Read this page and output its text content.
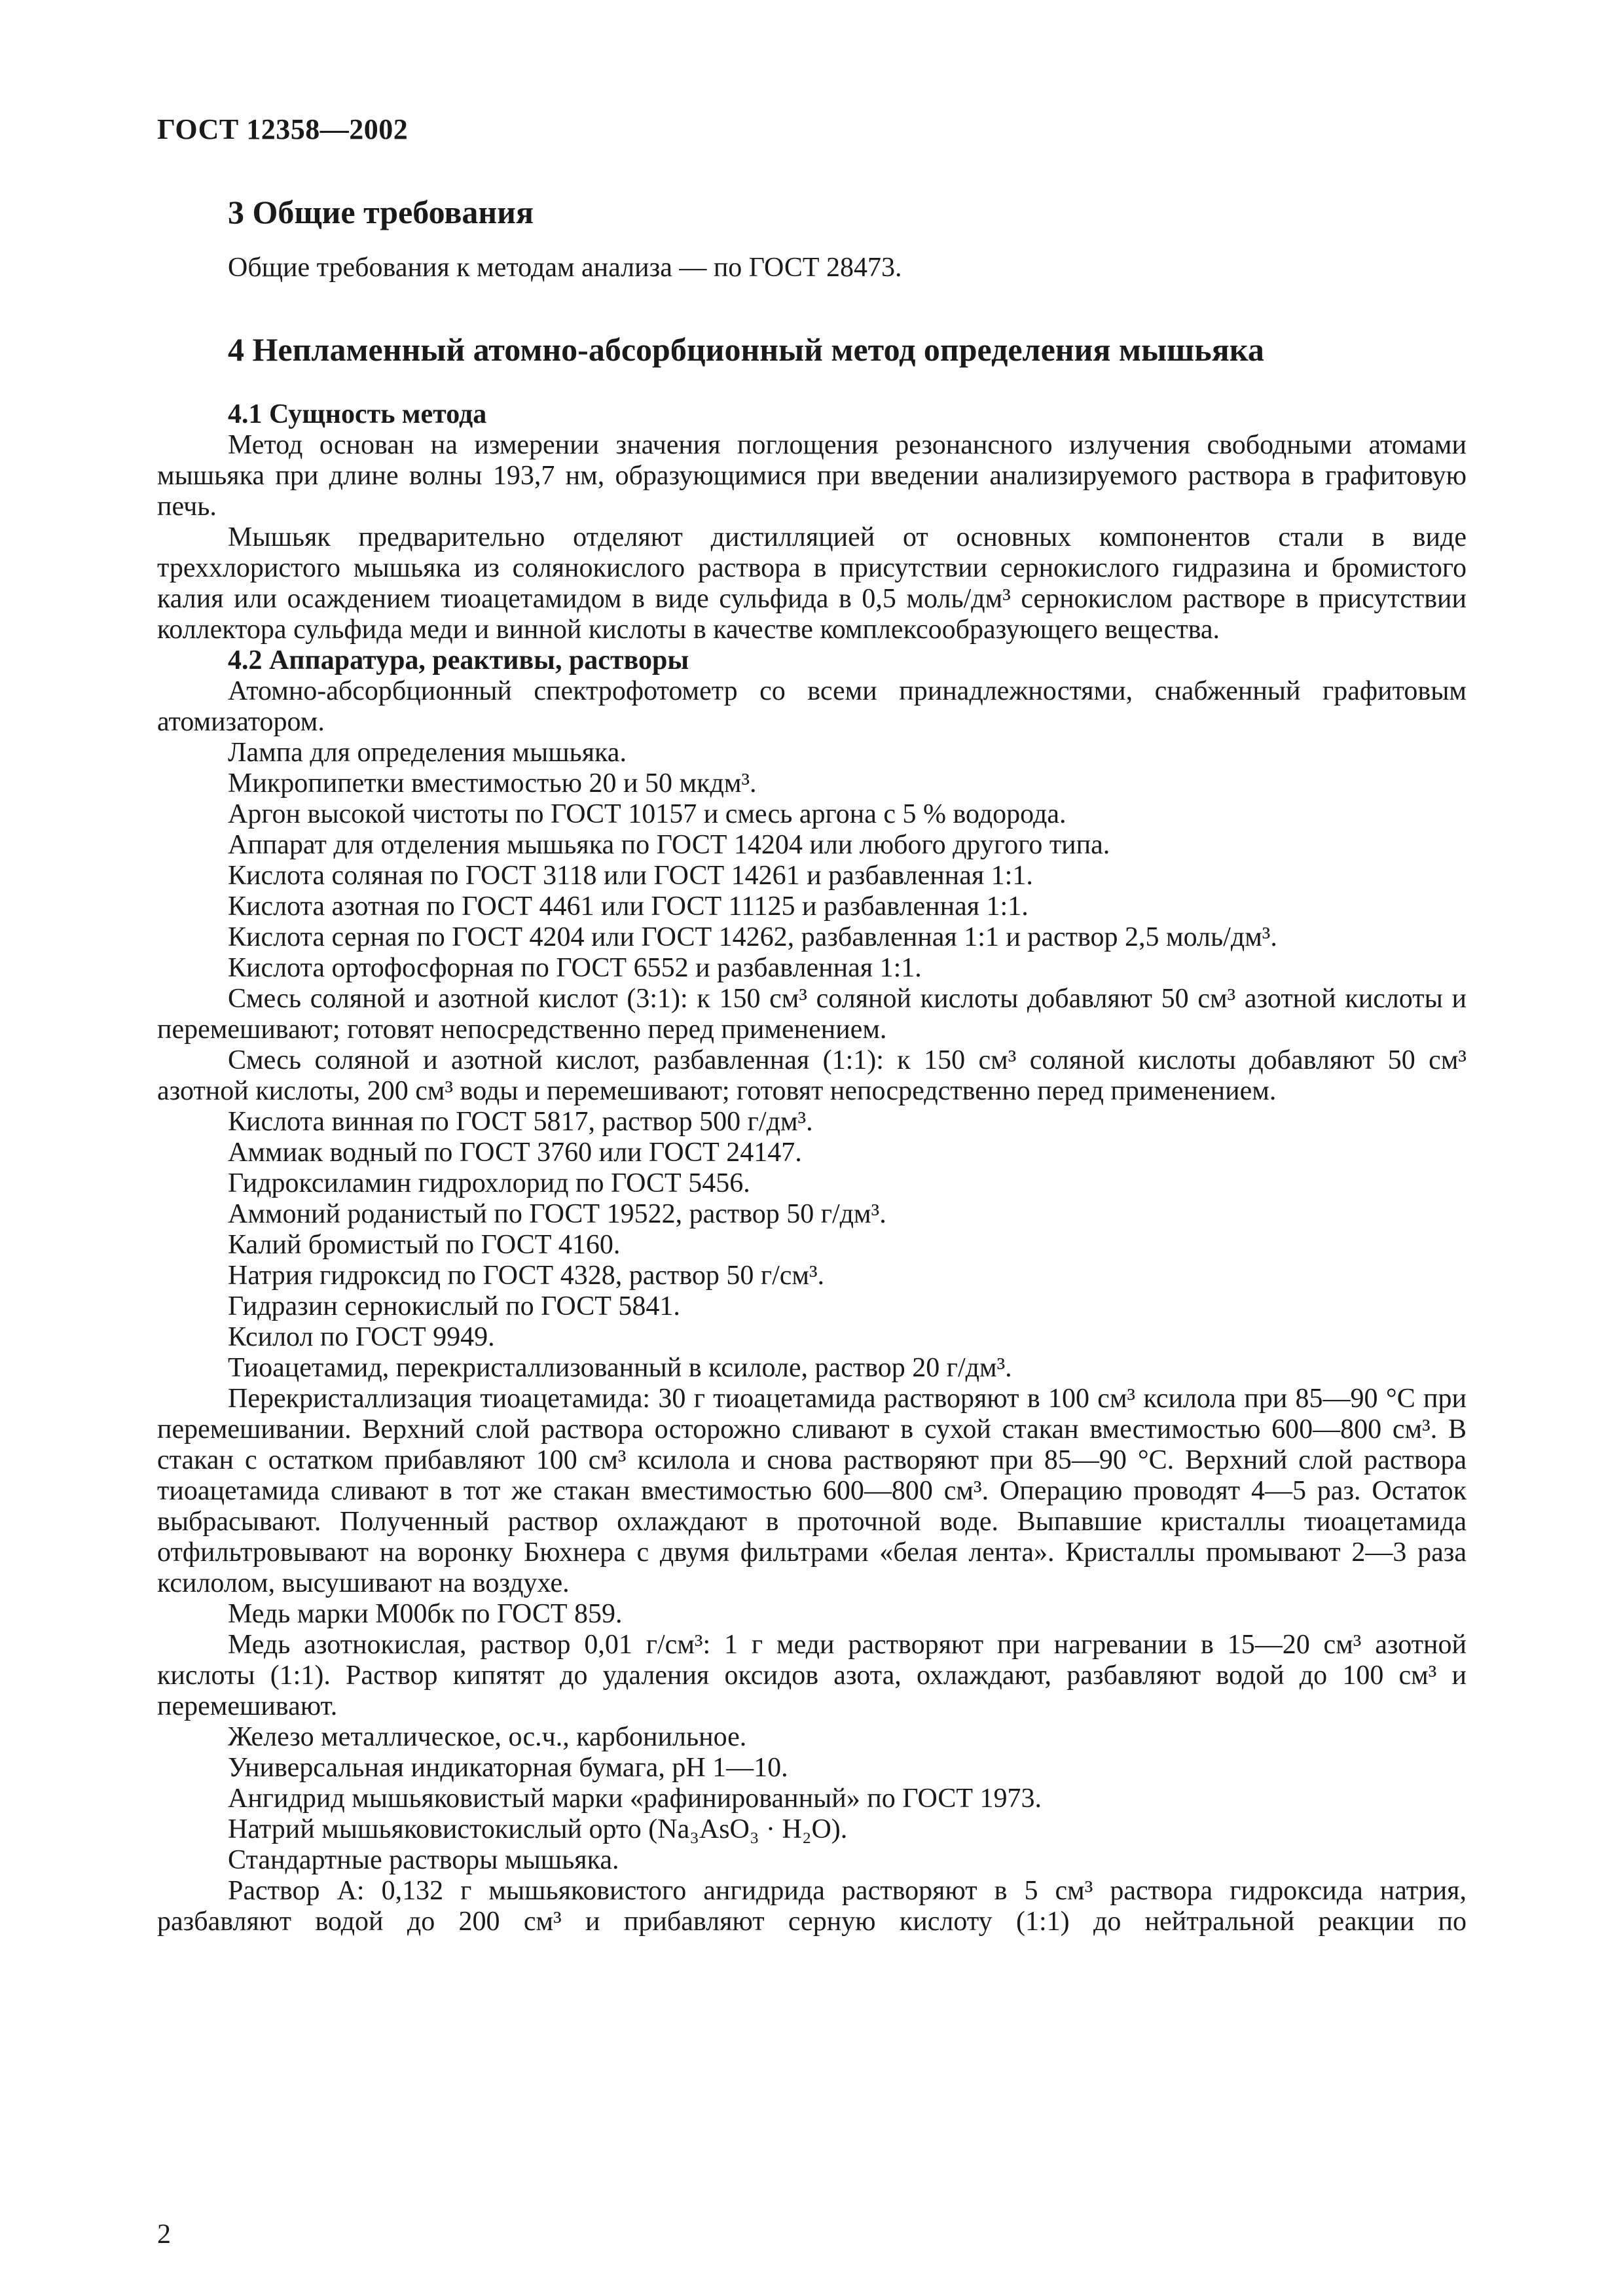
ГОСТ 12358—2002
3 Общие требования
Общие требования к методам анализа — по ГОСТ 28473.
4 Непламенный атомно-абсорбционный метод определения мышьяка

4.1 Сущность метода

Метод основан на измерении значения поглощения резонансного излучения свободными атомами мышьяка при длине волны 193,7 нм, образующимися при введении анализируемого раствора в графитовую печь.

Мышьяк предварительно отделяют дистилляцией от основных компонентов стали в виде треххлористого мышьяка из солянокислого раствора в присутствии сернокислого гидразина и бромистого калия или осаждением тиоацетамидом в виде сульфида в 0,5 моль/дм³ сернокислом растворе в присутствии коллектора сульфида меди и винной кислоты в качестве комплексообразующего вещества.

4.2 Аппаратура, реактивы, растворы

Атомно-абсорбционный спектрофотометр со всеми принадлежностями, снабженный графитовым атомизатором.

Лампа для определения мышьяка.

Микропипетки вместимостью 20 и 50 мкдм³.

Аргон высокой чистоты по ГОСТ 10157 и смесь аргона с 5 % водорода.

Аппарат для отделения мышьяка по ГОСТ 14204 или любого другого типа.

Кислота соляная по ГОСТ 3118 или ГОСТ 14261 и разбавленная 1:1.

Кислота азотная по ГОСТ 4461 или ГОСТ 11125 и разбавленная 1:1.

Кислота серная по ГОСТ 4204 или ГОСТ 14262, разбавленная 1:1 и раствор 2,5 моль/дм³.

Кислота ортофосфорная по ГОСТ 6552 и разбавленная 1:1.

Смесь соляной и азотной кислот (3:1): к 150 см³ соляной кислоты добавляют 50 см³ азотной кислоты и перемешивают; готовят непосредственно перед применением.

Смесь соляной и азотной кислот, разбавленная (1:1): к 150 см³ соляной кислоты добавляют 50 см³ азотной кислоты, 200 см³ воды и перемешивают; готовят непосредственно перед применением.

Кислота винная по ГОСТ 5817, раствор 500 г/дм³.

Аммиак водный по ГОСТ 3760 или ГОСТ 24147.

Гидроксиламин гидрохлорид по ГОСТ 5456.

Аммоний роданистый по ГОСТ 19522, раствор 50 г/дм³.

Калий бромистый по ГОСТ 4160.

Натрия гидроксид по ГОСТ 4328, раствор 50 г/см³.

Гидразин сернокислый по ГОСТ 5841.

Ксилол по ГОСТ 9949.

Тиоацетамид, перекристаллизованный в ксилоле, раствор 20 г/дм³.

Перекристаллизация тиоацетамида: 30 г тиоацетамида растворяют в 100 см³ ксилола при 85—90 °С при перемешивании. Верхний слой раствора осторожно сливают в сухой стакан вместимостью 600—800 см³. В стакан с остатком прибавляют 100 см³ ксилола и снова растворяют при 85—90 °С. Верхний слой раствора тиоацетамида сливают в тот же стакан вместимостью 600—800 см³. Операцию проводят 4—5 раз. Остаток выбрасывают. Полученный раствор охлаждают в проточной воде. Выпавшие кристаллы тиоацетамида отфильтровывают на воронку Бюхнера с двумя фильтрами «белая лента». Кристаллы промывают 2—3 раза ксилолом, высушивают на воздухе.

Медь марки М00бк по ГОСТ 859.

Медь азотнокислая, раствор 0,01 г/см³: 1 г меди растворяют при нагревании в 15—20 см³ азотной кислоты (1:1). Раствор кипятят до удаления оксидов азота, охлаждают, разбавляют водой до 100 см³ и перемешивают.

Железо металлическое, ос.ч., карбонильное.

Универсальная индикаторная бумага, рН 1—10.

Ангидрид мышьяковистый марки «рафинированный» по ГОСТ 1973.

Натрий мышьяковистокислый орто (Na₃AsO₃ · H₂O).

Стандартные растворы мышьяка.

Раствор А: 0,132 г мышьяковистого ангидрида растворяют в 5 см³ раствора гидроксида натрия, разбавляют водой до 200 см³ и прибавляют серную кислоту (1:1) до нейтральной реакции по

2
